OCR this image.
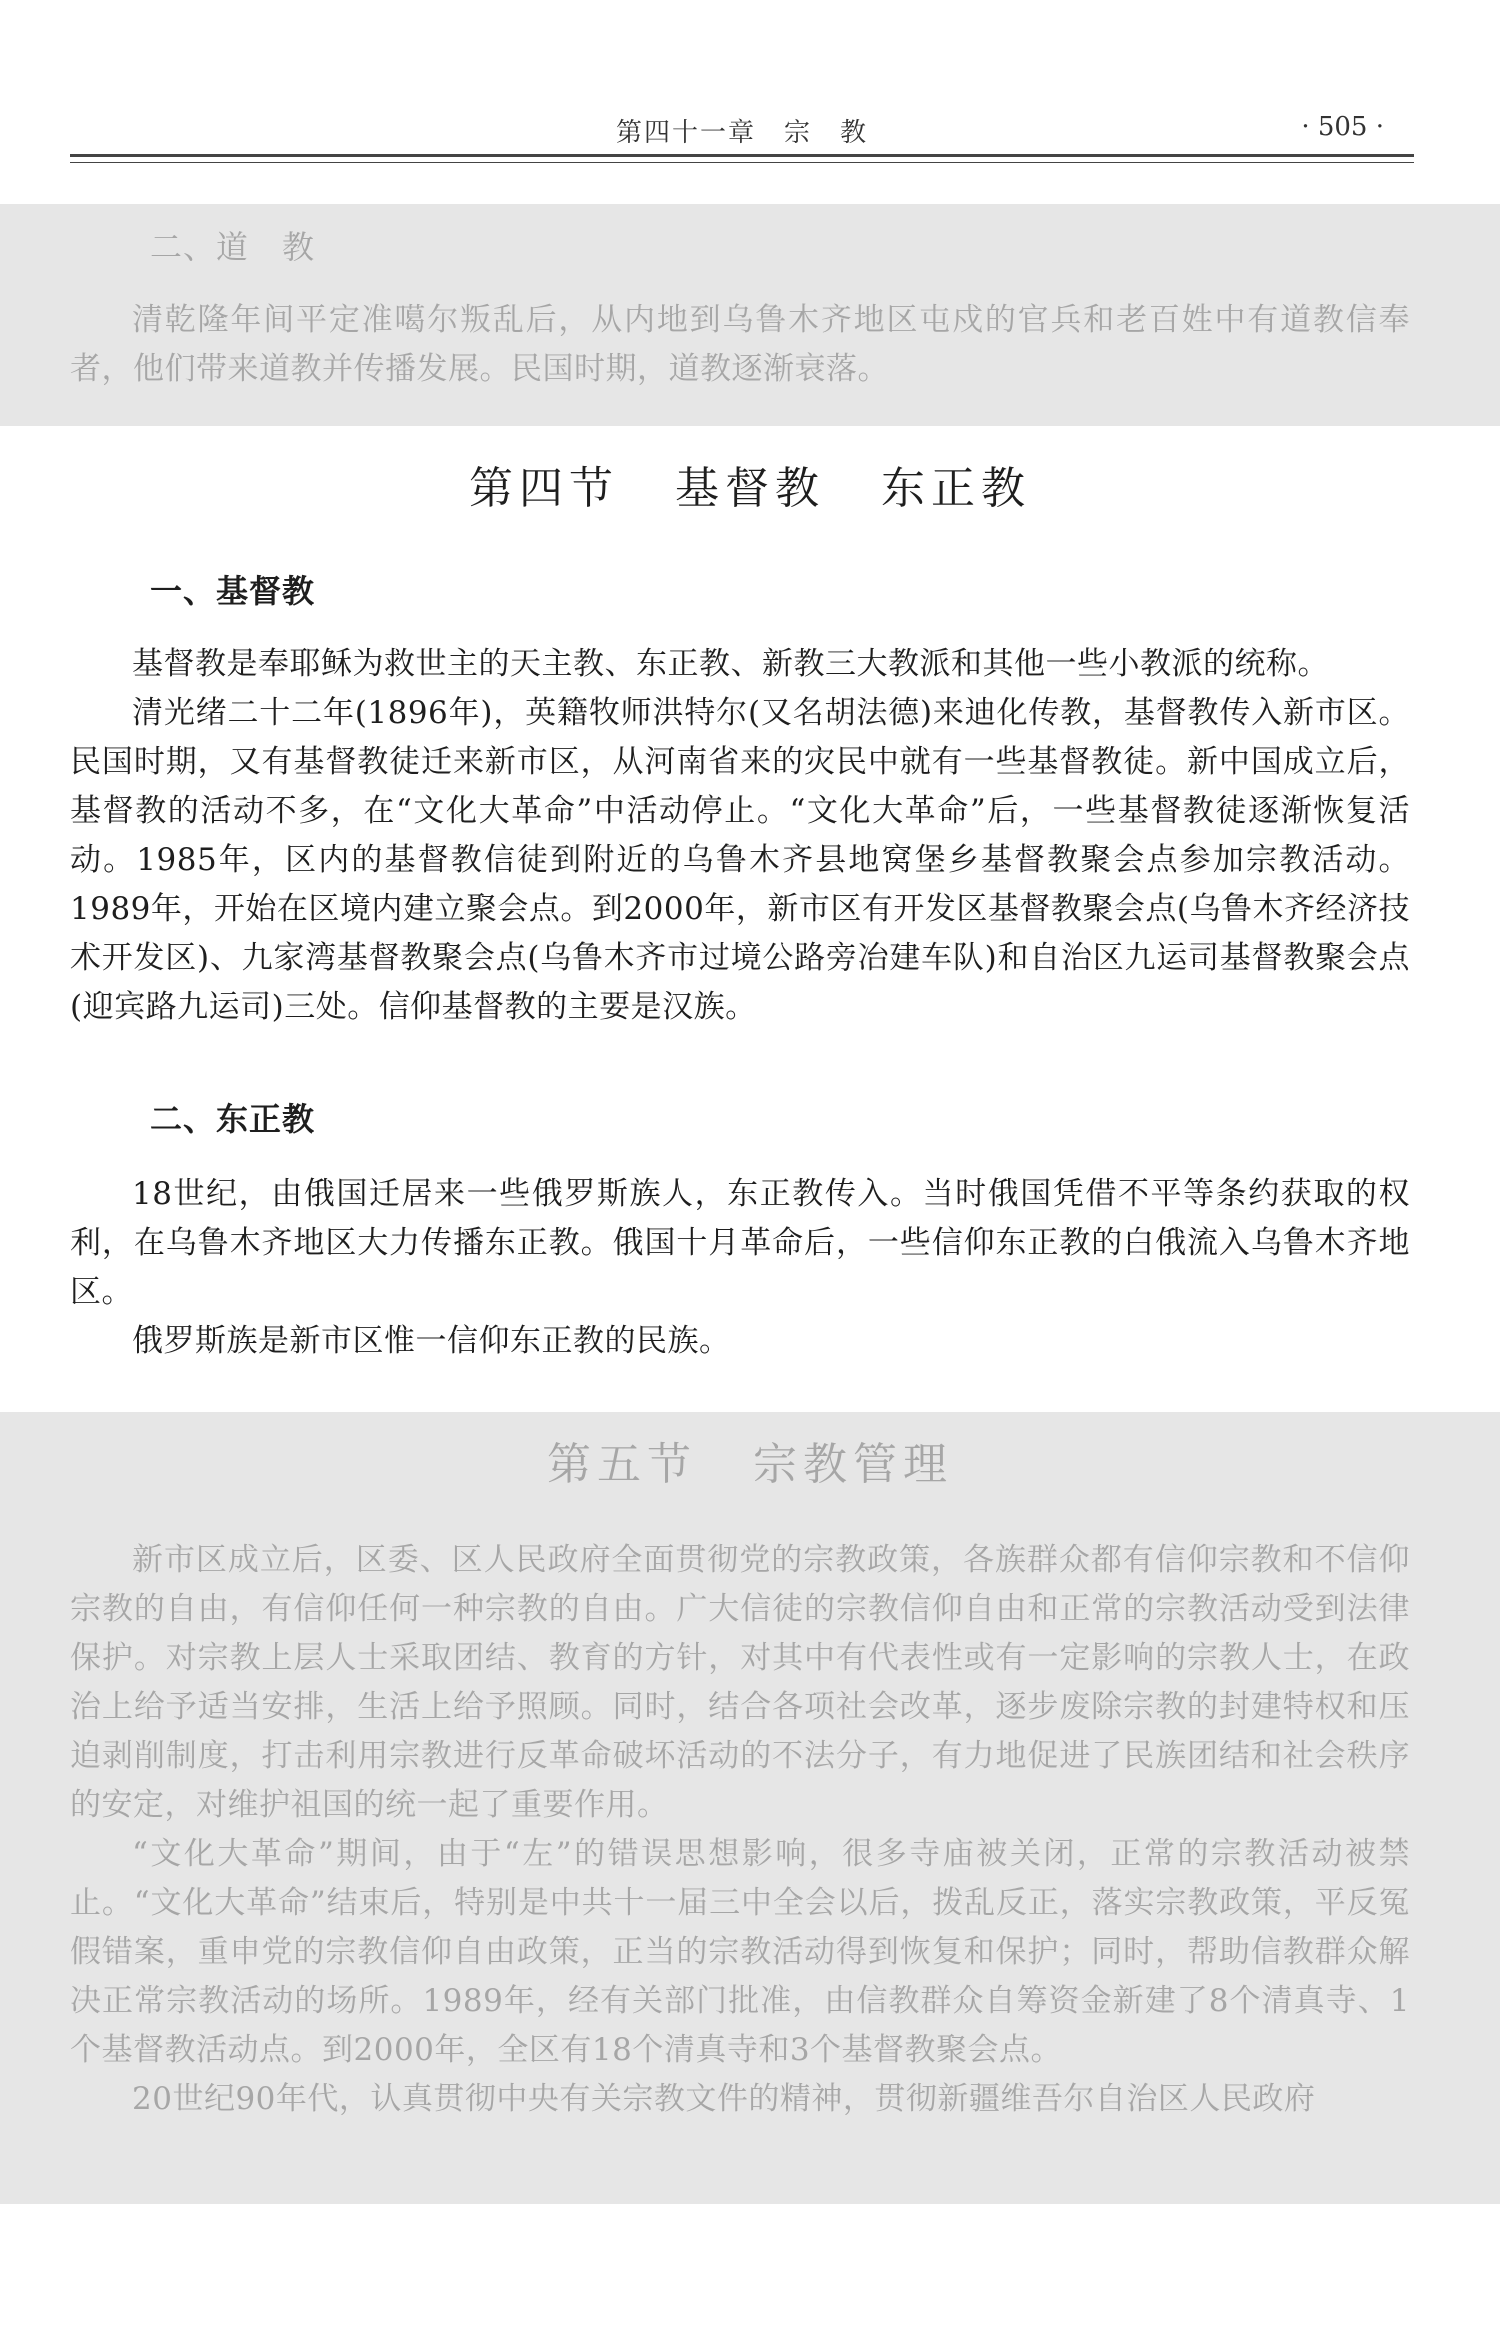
第四十一章　宗　教	· 505 ·
二、道　教

清乾隆年间平定准噶尔叛乱后，从内地到乌鲁木齐地区屯戍的官兵和老百姓中有道教信奉者，他们带来道教并传播发展。民国时期，道教逐渐衰落。

第四节 基督教 东正教
一、基督教

基督教是奉耶稣为救世主的天主教、东正教、新教三大教派和其他一些小教派的统称。

清光绪二十二年(1896年)，英籍牧师洪特尔(又名胡法德)来迪化传教，基督教传入新市区。民国时期，又有基督教徒迁来新市区，从河南省来的灾民中就有一些基督教徒。新中国成立后，基督教的活动不多，在“文化大革命”中活动停止。“文化大革命”后，一些基督教徒逐渐恢复活动。1985年，区内的基督教信徒到附近的乌鲁木齐县地窝堡乡基督教聚会点参加宗教活动。1989年，开始在区境内建立聚会点。到2000年，新市区有开发区基督教聚会点(乌鲁木齐经济技术开发区)、九家湾基督教聚会点(乌鲁木齐市过境公路旁冶建车队)和自治区九运司基督教聚会点(迎宾路九运司)三处。信仰基督教的主要是汉族。

二、东正教

18世纪，由俄国迁居来一些俄罗斯族人，东正教传入。当时俄国凭借不平等条约获取的权利，在乌鲁木齐地区大力传播东正教。俄国十月革命后，一些信仰东正教的白俄流入乌鲁木齐地区。

俄罗斯族是新市区惟一信仰东正教的民族。

第五节 宗教管理

新市区成立后，区委、区人民政府全面贯彻党的宗教政策，各族群众都有信仰宗教和不信仰宗教的自由，有信仰任何一种宗教的自由。广大信徒的宗教信仰自由和正常的宗教活动受到法律保护。对宗教上层人士采取团结、教育的方针，对其中有代表性或有一定影响的宗教人士，在政治上给予适当安排，生活上给予照顾。同时，结合各项社会改革，逐步废除宗教的封建特权和压迫剥削制度，打击利用宗教进行反革命破坏活动的不法分子，有力地促进了民族团结和社会秩序的安定，对维护祖国的统一起了重要作用。

“文化大革命”期间，由于“左”的错误思想影响，很多寺庙被关闭，正常的宗教活动被禁止。“文化大革命”结束后，特别是中共十一届三中全会以后，拨乱反正，落实宗教政策，平反冤假错案，重申党的宗教信仰自由政策，正当的宗教活动得到恢复和保护；同时，帮助信教群众解决正常宗教活动的场所。1989年，经有关部门批准，由信教群众自筹资金新建了8个清真寺、1个基督教活动点。到2000年，全区有18个清真寺和3个基督教聚会点。

20世纪90年代，认真贯彻中央有关宗教文件的精神，贯彻新疆维吾尔自治区人民政府
